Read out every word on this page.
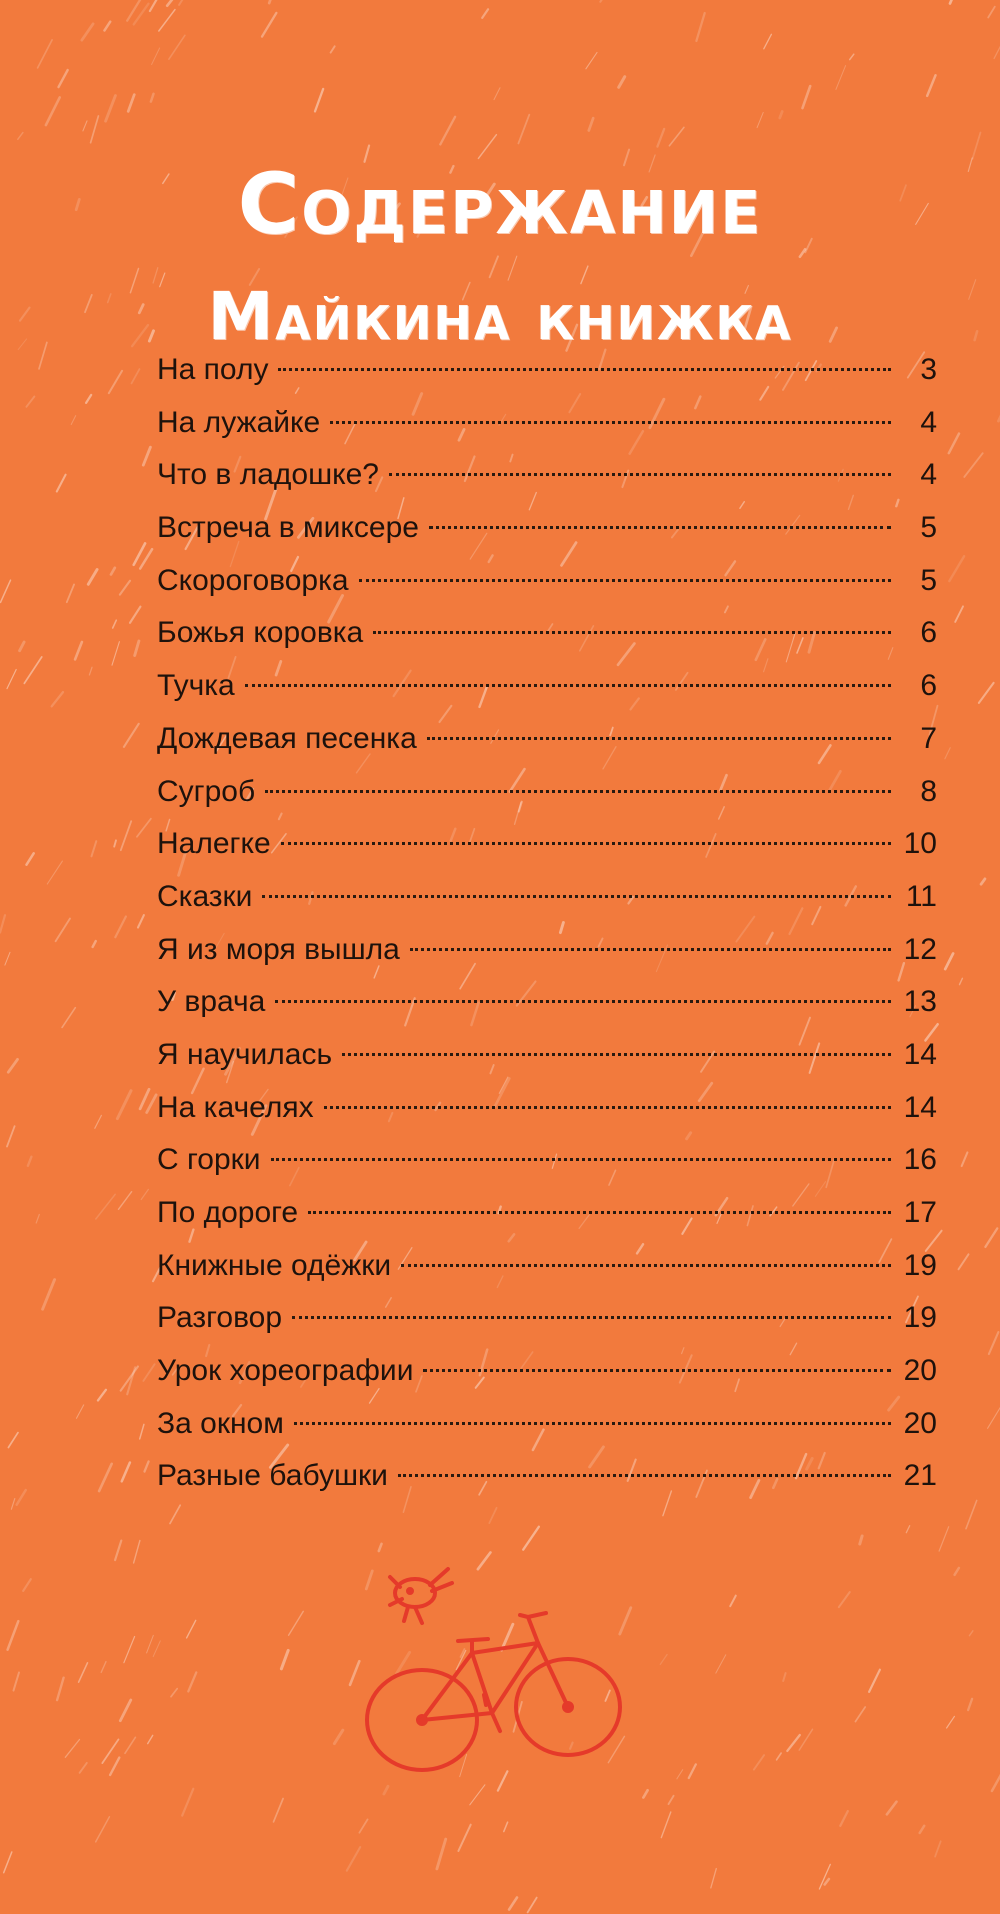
Содержание
Майкина книжка
На полу	3
На лужайке	4
Что в ладошке?	4
Встреча в миксере	5
Скороговорка	5
Божья коровка	6
Тучка	6
Дождевая песенка	7
Сугроб	8
Налегке	10
Сказки	11
Я из моря вышла	12
У врача	13
Я научилась	14
На качелях	14
С горки	16
По дороге	17
Книжные одёжки	19
Разговор	19
Урок хореографии	20
За окном	20
Разные бабушки	21
